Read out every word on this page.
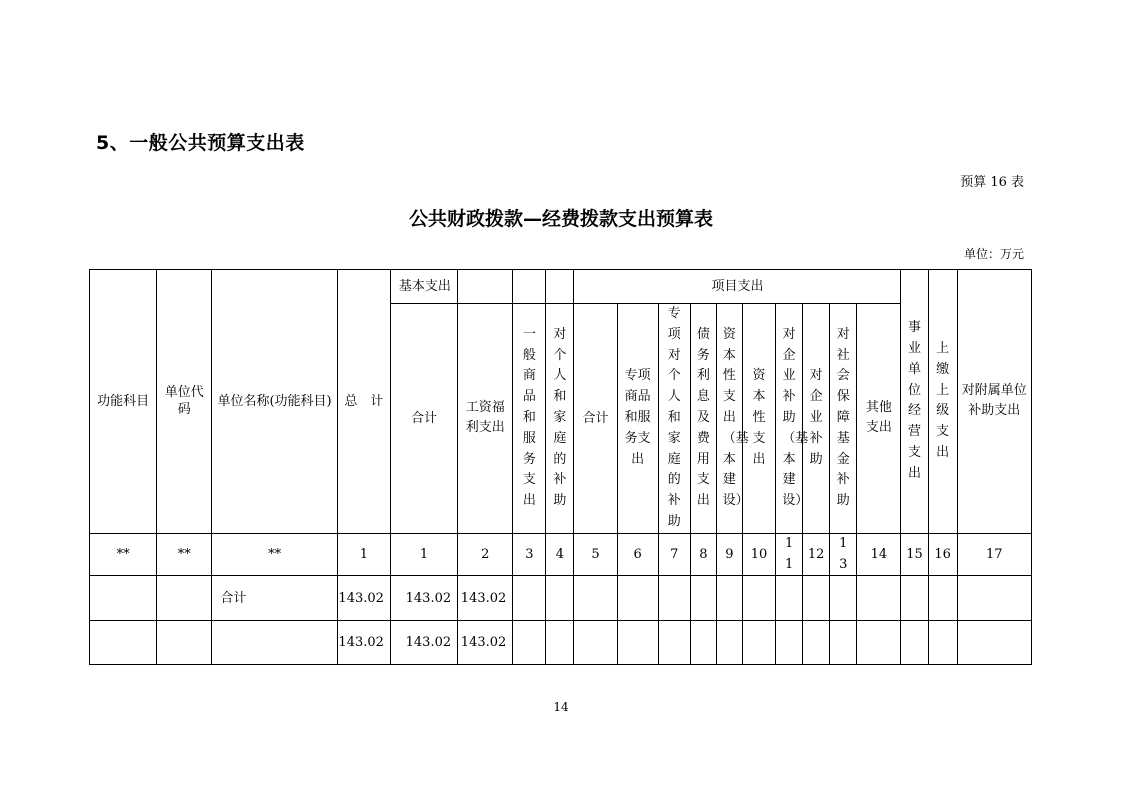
5、一般公共预算支出表
预算 16 表
公共财政拨款—经费拨款支出预算表
单位：万元
功能科目	单位代码	单位名称(功能科目)	总　计	基本支出				项目支出										事业单位经营支出	上缴上级支出	对附属单位补助支出
				合计	工资福利支出	一般商品和服务支出	对个人和家庭的补助	合计	专项商品和服务支出	专项对个人和家庭的补助	债务利息及费用支出	资本性支出（基本建设）	资本性支出	对企业补助（基本建设）	对企业补助	对社会保障基金补助	其他支出			
**	**	**	1	1	2	3	4	5	6	7	8	9	10	11	12	13	14	15	16	17
		合计	143.02	143.02	143.02															
			143.02	143.02	143.02															
14
